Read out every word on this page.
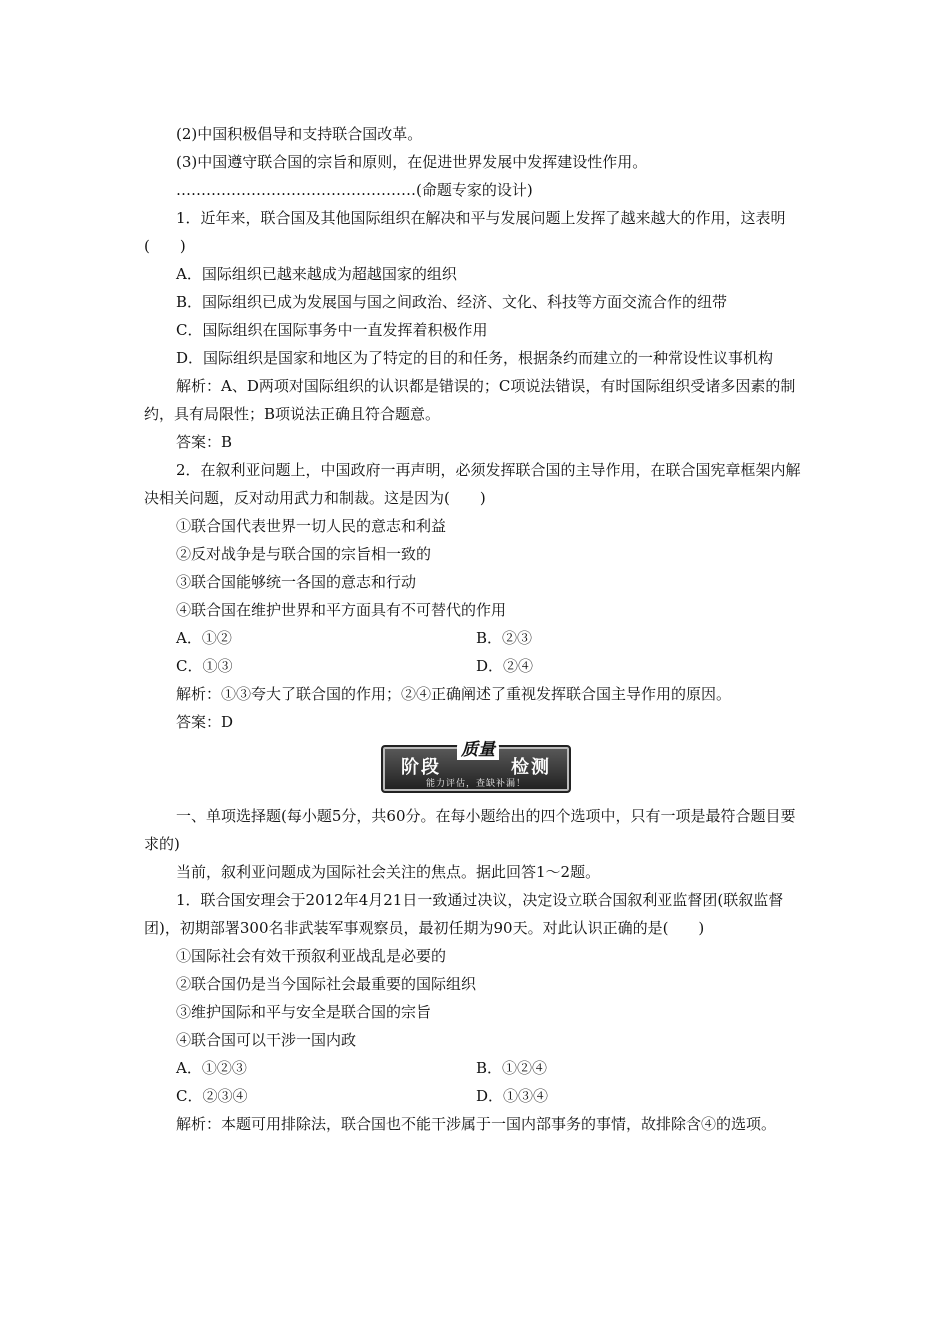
(2)中国积极倡导和支持联合国改革。
(3)中国遵守联合国的宗旨和原则，在促进世界发展中发挥建设性作用。
…………………………………………(命题专家的设计)
1．近年来，联合国及其他国际组织在解决和平与发展问题上发挥了越来越大的作用，这表明(　　)
A．国际组织已越来越成为超越国家的组织
B．国际组织已成为发展国与国之间政治、经济、文化、科技等方面交流合作的纽带
C．国际组织在国际事务中一直发挥着积极作用
D．国际组织是国家和地区为了特定的目的和任务，根据条约而建立的一种常设性议事机构
解析：A、D两项对国际组织的认识都是错误的；C项说法错误，有时国际组织受诸多因素的制约，具有局限性；B项说法正确且符合题意。
答案：B
2．在叙利亚问题上，中国政府一再声明，必须发挥联合国的主导作用，在联合国宪章框架内解决相关问题，反对动用武力和制裁。这是因为(　　)
①联合国代表世界一切人民的意志和利益
②反对战争是与联合国的宗旨相一致的
③联合国能够统一各国的意志和行动
④联合国在维护世界和平方面具有不可替代的作用
A．①②	B．②③
C．①③	D．②④
解析：①③夸大了联合国的作用；②④正确阐述了重视发挥联合国主导作用的原因。
答案：D
阶段
质量
检测
能力评估，查缺补漏！
一、单项选择题(每小题5分，共60分。在每小题给出的四个选项中，只有一项是最符合题目要求的)
当前，叙利亚问题成为国际社会关注的焦点。据此回答1～2题。
1．联合国安理会于2012年4月21日一致通过决议，决定设立联合国叙利亚监督团(联叙监督团)，初期部署300名非武装军事观察员，最初任期为90天。对此认识正确的是(　　)
①国际社会有效干预叙利亚战乱是必要的
②联合国仍是当今国际社会最重要的国际组织
③维护国际和平与安全是联合国的宗旨
④联合国可以干涉一国内政
A．①②③	B．①②④
C．②③④	D．①③④
解析：本题可用排除法，联合国也不能干涉属于一国内部事务的事情，故排除含④的选项。
